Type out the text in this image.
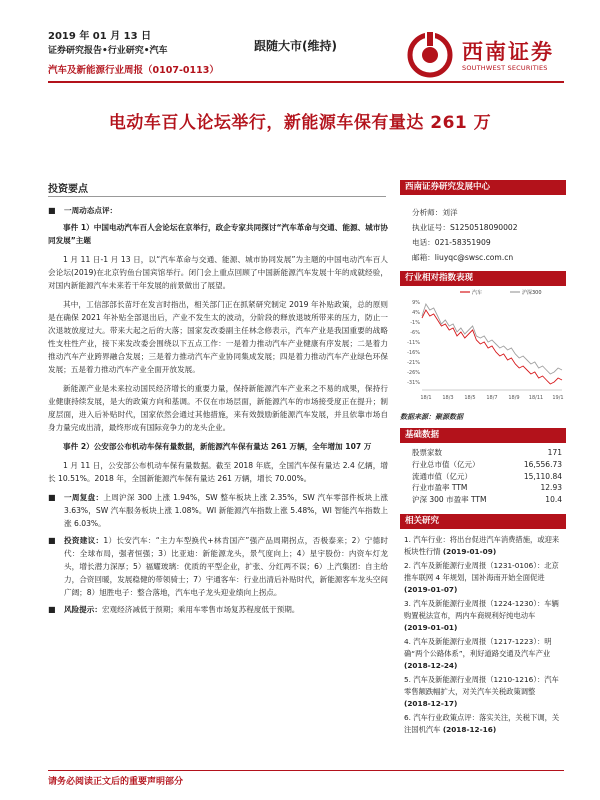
2019 年 01 月 13 日
证券研究报告•行业研究•汽车
汽车及新能源行业周报（0107-0113）
跟随大市(维持)	西南证券
SOUTHWEST SECURITIES
电动车百人论坛举行，新能源车保有量达 261 万
投资要点
■	一周动态点评：

事件 1）中国电动汽车百人会论坛在京举行，政企专家共同探讨“汽车革命与交通、能源、城市协同发展”主题

1 月 11 日-1 月 13 日，以“汽车革命与交通、能源、城市协同发展”为主题的中国电动汽车百人会论坛(2019)在北京钓鱼台国宾馆举行。闭门会上重点回顾了中国新能源汽车发展十年的成就经验，对国内新能源汽车未来若干年发展的前景做出了展望。

其中，工信部部长苗圩在发言时指出，相关部门正在抓紧研究制定 2019 年补贴政策，总的原则是在确保 2021 年补贴全部退出后，产业不发生太的波动，分阶段的释放退坡所带来的压力，防止一次退坡放度过大。带来大起之后的大落；国家发改委副主任林念修表示，汽车产业是我国重要的战略性支柱性产业，接下来发改委会围绕以下五点工作：一是着力推动汽车产业健康有序发展；二是着力推动汽车产业跨界融合发展；三是着力推动汽车产业协同集成发展；四是着力推动汽车产业绿色环保发展；五是着力推动汽车产业全面开放发展。

新能源产业是未来拉动国民经济增长的重要力量，保持新能源汽车产业来之不易的成果，保持行业健康持续发展，是大的政策方向和基调。不仅在市场层面，新能源汽车的市场接受度正在提升；制度层面，进入后补贴时代，国家依然会通过其他措施，来有效鼓励新能源汽车发展，并且依靠市场自身力量完成出清，最终形成有国际竞争力的龙头企业。

事件 2）公安部公布机动车保有量数据，新能源汽车保有量达 261 万辆，全年增加 107 万

1 月 11 日，公安部公布机动车保有量数据。截至 2018 年底，全国汽车保有量达 2.4 亿辆，增长 10.51%。2018 年，全国新能源汽车保有量达 261 万辆，增长 70.00%。

■	一周复盘：上周沪深 300 上涨 1.94%，SW 整车板块上涨 2.35%，SW 汽车零部件板块上涨 3.63%，SW 汽车服务板块上涨 1.08%。WI 新能源汽车指数上涨 5.48%，WI 智能汽车指数上涨 6.03%。
■	投资建议：1）长安汽车：“主力车型换代+林肯国产”强产品周期拐点，否极泰来；2）宁德时代：全球布局，强者恒强；3）比亚迪：新能源龙头，景气度向上；4）星宇股份：内资车灯龙头，增长潜力深厚；5）福耀玻璃：优质的平型企业，扩张、分红两不误；6）上汽集团：自主给力，合资回暖，发展稳健的带领骑士；7）宇通客车：行业出清后补贴时代，新能源客车龙头空间广阔；8）旭胜电子：整合落地，汽车电子龙头迎业绩向上拐点。
■	风险提示：宏观经济减低于预期；乘用车零售市场复苏程度低于预期。
西南证券研究发展中心
分析师：刘洋
执业证号：S1250518090002
电话：021-58351909
邮箱：liuyqc@swsc.com.cn
行业相对指数表现
9%
4%
-1%
-6%
-11%
-16%
-21%
-26%
-31%
18/1 18/3 18/5 18/7 18/9 18/11 19/1
汽车	沪深300
数据来源：聚源数据
基础数据
股票家数	171
行业总市值（亿元）	16,556.73
流通市值（亿元）	15,110.84
行业市盈率 TTM	12.93
沪深 300 市盈率 TTM	10.4
相关研究
1. 汽车行业：将出台促进汽车消费措施，或迎来板块性行情 (2019-01-09)
2. 汽车及新能源行业周报（1231-0106）：北京推车联网 4 年规划，国补海南开始全面促进 (2019-01-07)
3. 汽车及新能源行业周报（1224-1230）：车辆购置税法宣布，两内车商规利好纯电动车 (2019-01-01)
4. 汽车及新能源行业周报（1217-1223）：明确“两个公路体系”，利好道路交通及汽车产业 (2018-12-24)
5. 汽车及新能源行业周报（1210-1216）：汽车零售额跌幅扩大，对关汽车关税政策调整 (2018-12-17)
6. 汽车行业政策点评：落实关注，关税下调，关注国机汽车 (2018-12-16)
请务必阅读正文后的重要声明部分
